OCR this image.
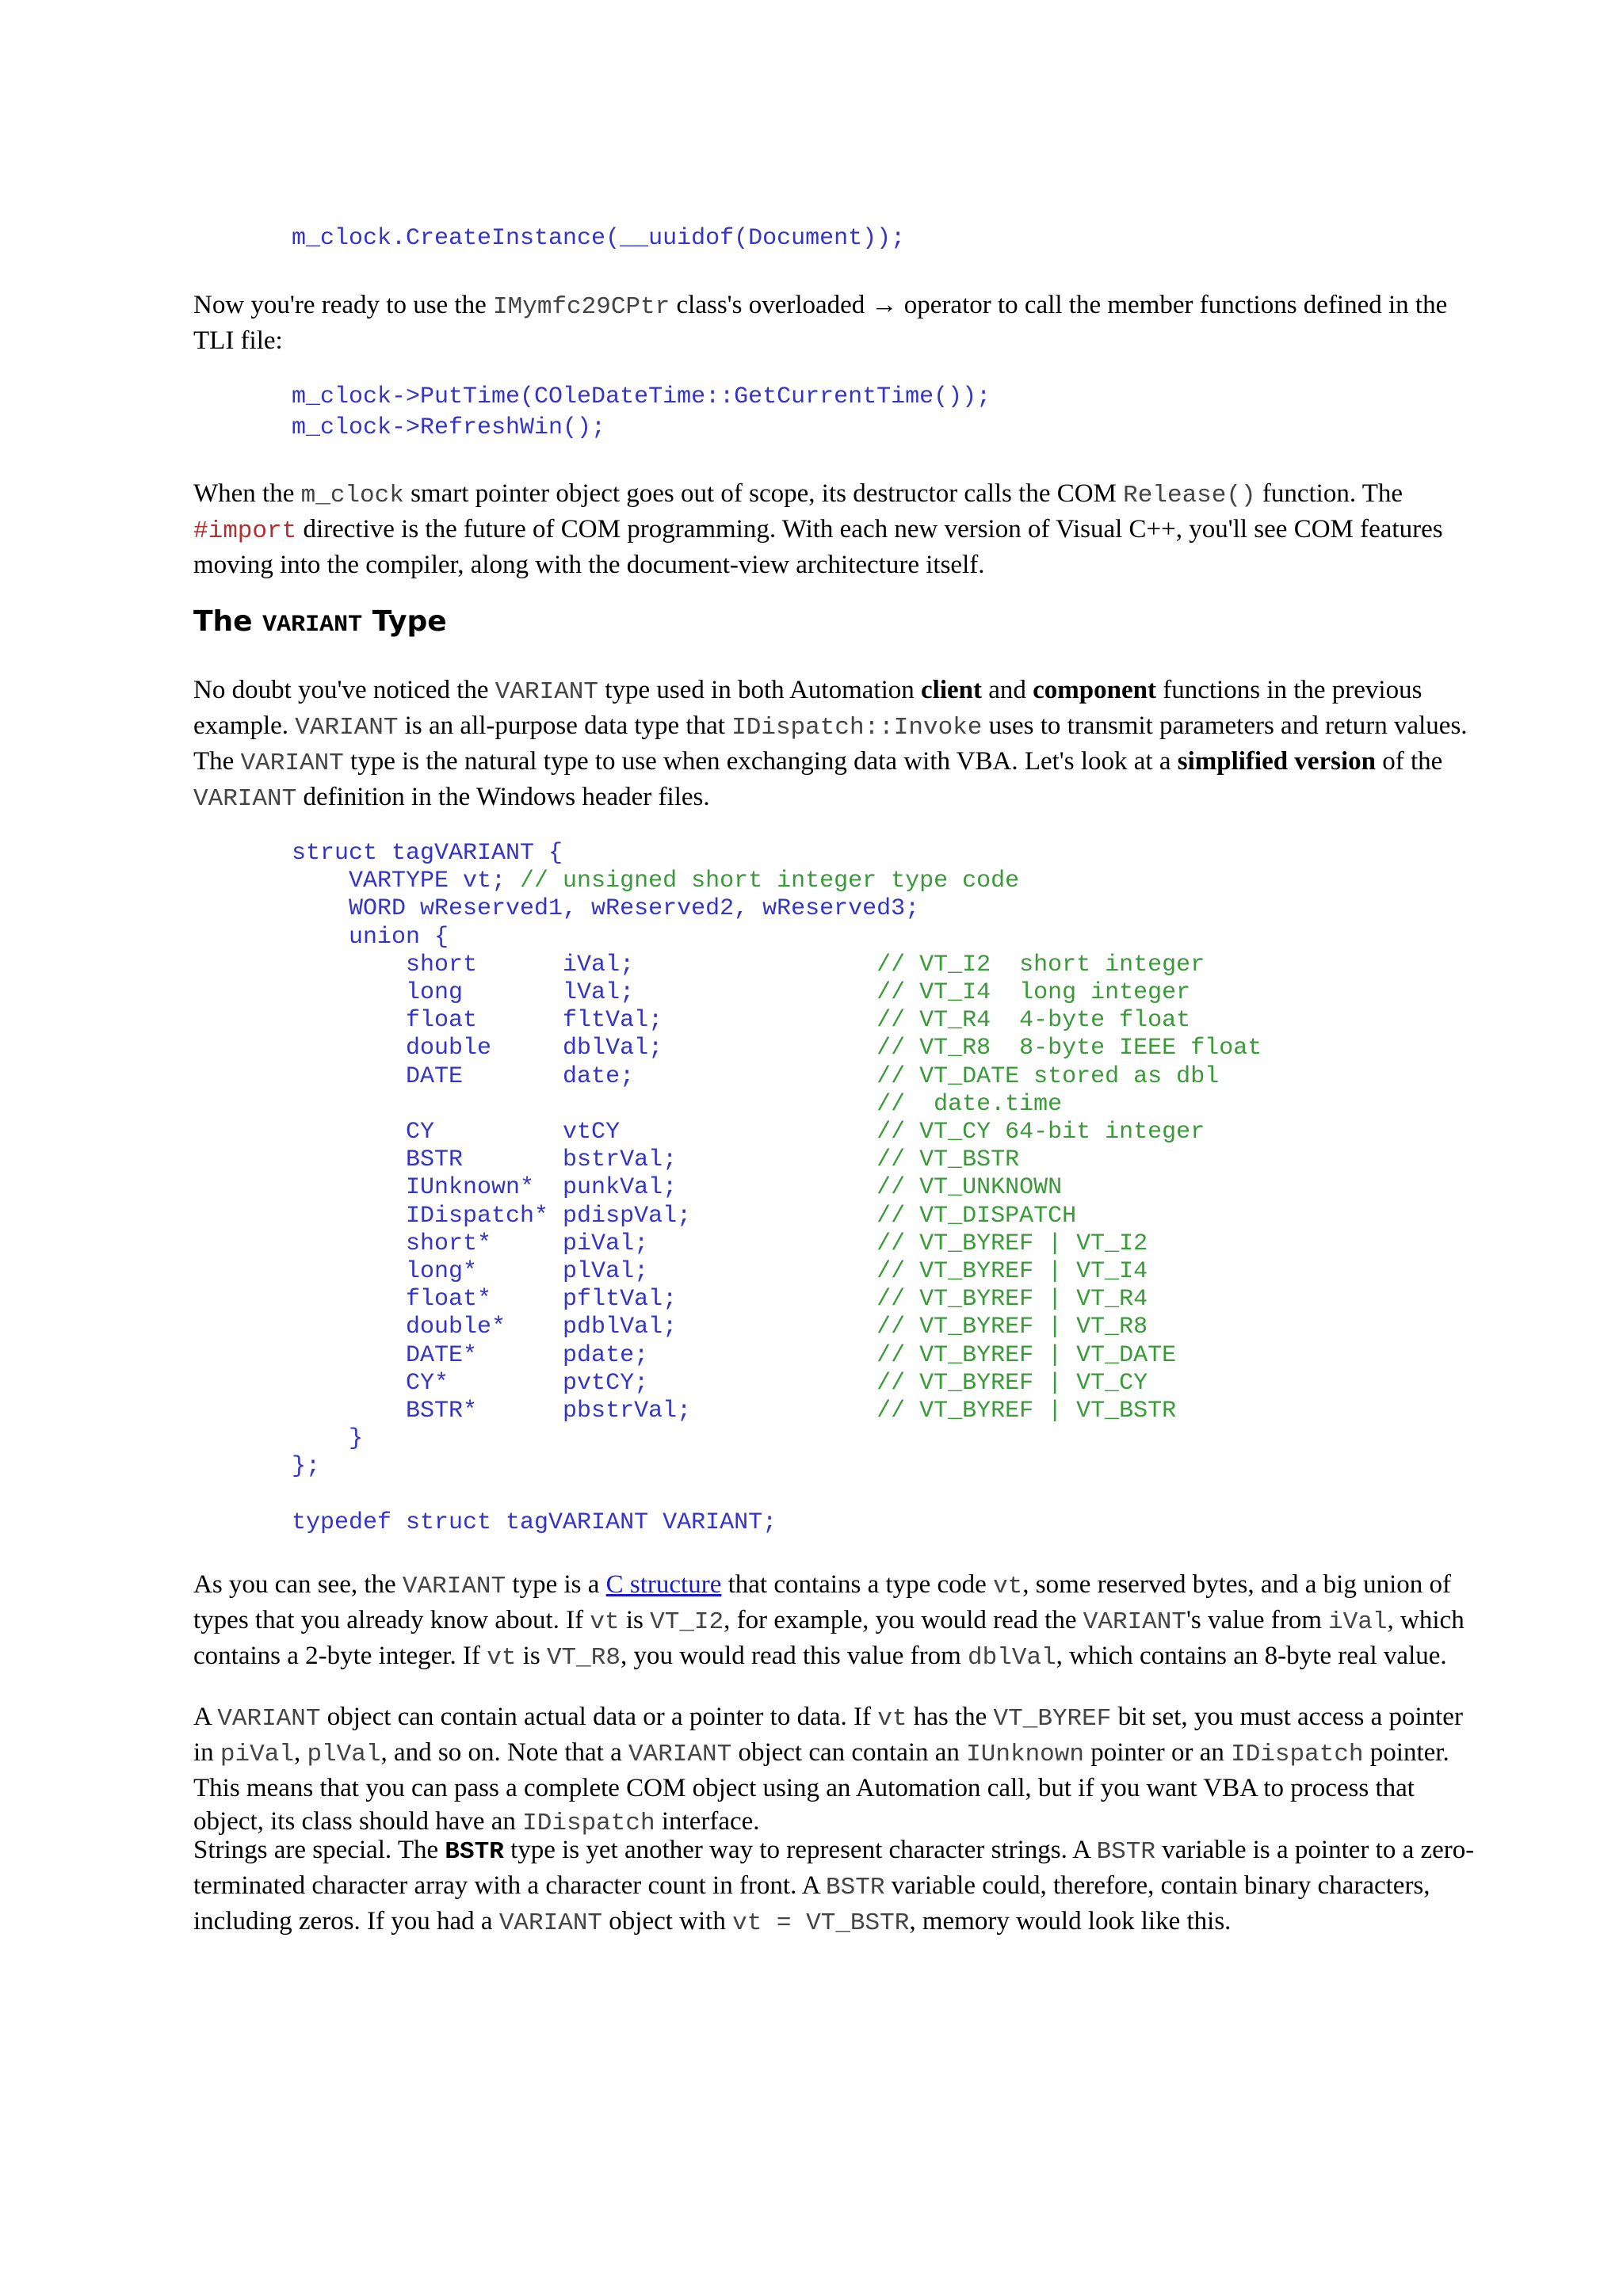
m_clock.CreateInstance(__uuidof(Document));

Now you're ready to use the IMymfc29CPtr class's overloaded → operator to call the member functions defined in the TLI file:

m_clock->PutTime(COleDateTime::GetCurrentTime());
m_clock->RefreshWin();

When the m_clock smart pointer object goes out of scope, its destructor calls the COM Release() function. The #import directive is the future of COM programming. With each new version of Visual C++, you'll see COM features moving into the compiler, along with the document-view architecture itself.

The VARIANT Type

No doubt you've noticed the VARIANT type used in both Automation client and component functions in the previous example. VARIANT is an all-purpose data type that IDispatch::Invoke uses to transmit parameters and return values. The VARIANT type is the natural type to use when exchanging data with VBA. Let's look at a simplified version of the VARIANT definition in the Windows header files.

struct tagVARIANT {
VARTYPE vt; // unsigned short integer type code
WORD wReserved1, wReserved2, wReserved3;
union {
short      iVal;                 // VT_I2  short integer
long       lVal;                 // VT_I4  long integer
float      fltVal;               // VT_R4  4-byte float
double     dblVal;               // VT_R8  8-byte IEEE float
DATE       date;                 // VT_DATE stored as dbl
//  date.time
CY         vtCY                  // VT_CY 64-bit integer
BSTR       bstrVal;              // VT_BSTR
IUnknown*  punkVal;              // VT_UNKNOWN
IDispatch* pdispVal;             // VT_DISPATCH
short*     piVal;                // VT_BYREF | VT_I2
long*      plVal;                // VT_BYREF | VT_I4
float*     pfltVal;              // VT_BYREF | VT_R4
double*    pdblVal;              // VT_BYREF | VT_R8
DATE*      pdate;                // VT_BYREF | VT_DATE
CY*        pvtCY;                // VT_BYREF | VT_CY
BSTR*      pbstrVal;             // VT_BYREF | VT_BSTR
}
};

typedef struct tagVARIANT VARIANT;

As you can see, the VARIANT type is a C structure that contains a type code vt, some reserved bytes, and a big union of types that you already know about. If vt is VT_I2, for example, you would read the VARIANT's value from iVal, which contains a 2-byte integer. If vt is VT_R8, you would read this value from dblVal, which contains an 8-byte real value.

A VARIANT object can contain actual data or a pointer to data. If vt has the VT_BYREF bit set, you must access a pointer in piVal, plVal, and so on. Note that a VARIANT object can contain an IUnknown pointer or an IDispatch pointer. This means that you can pass a complete COM object using an Automation call, but if you want VBA to process that object, its class should have an IDispatch interface.

Strings are special. The BSTR type is yet another way to represent character strings. A BSTR variable is a pointer to a zero-terminated character array with a character count in front. A BSTR variable could, therefore, contain binary characters, including zeros. If you had a VARIANT object with vt = VT_BSTR, memory would look like this.
